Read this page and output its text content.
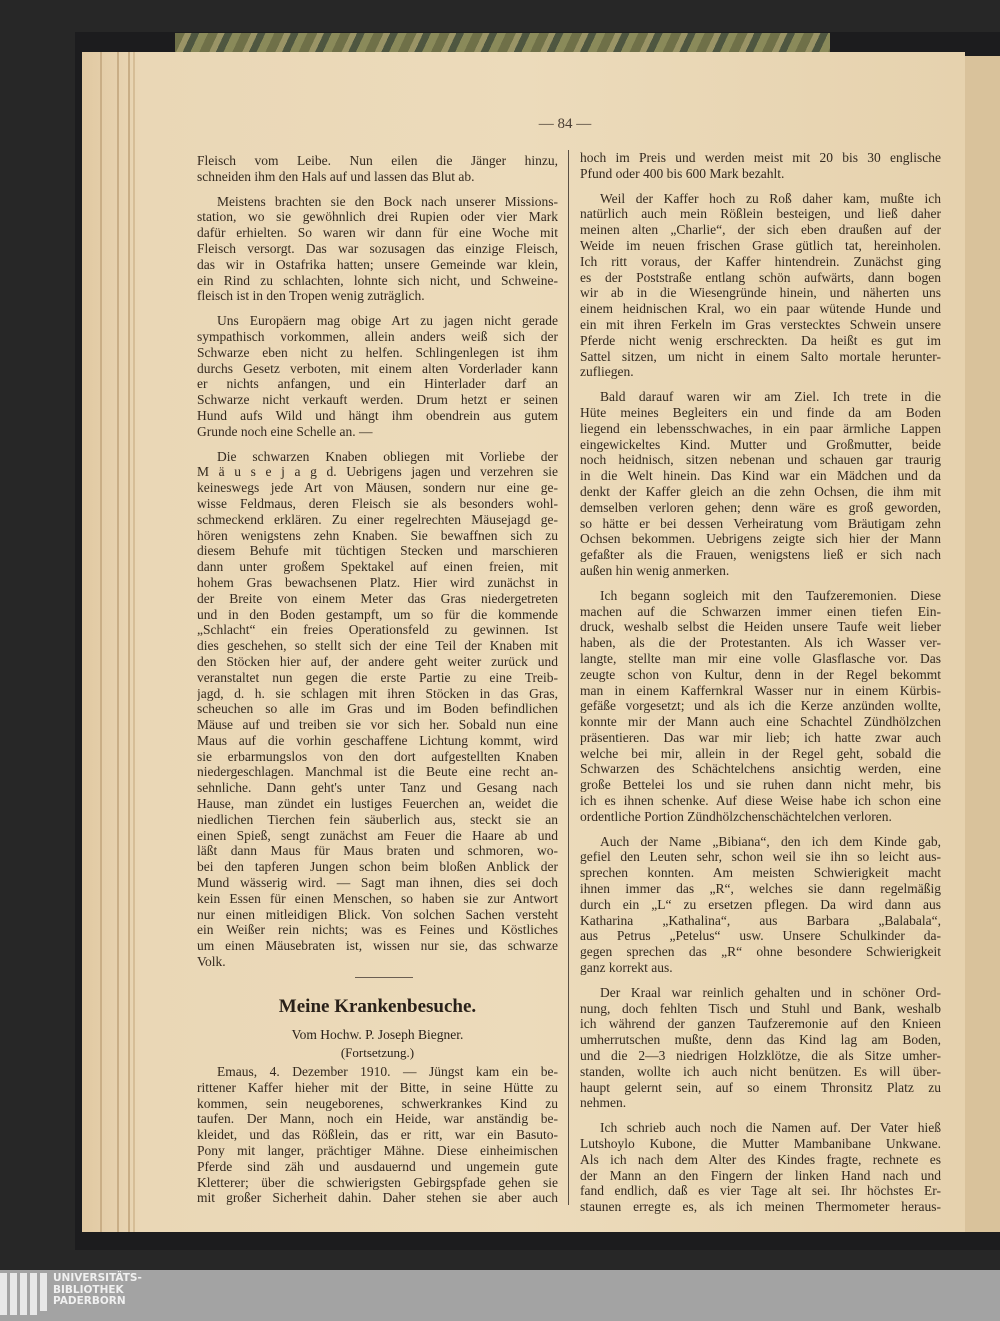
— 84 —
Fleisch vom Leibe. Nun eilen die Jänger hinzu,
schneiden ihm den Hals auf und lassen das Blut ab.
Meistens brachten sie den Bock nach unserer Missions-
station, wo sie gewöhnlich drei Rupien oder vier Mark
dafür erhielten. So waren wir dann für eine Woche mit
Fleisch versorgt. Das war sozusagen das einzige Fleisch,
das wir in Ostafrika hatten; unsere Gemeinde war klein,
ein Rind zu schlachten, lohnte sich nicht, und Schweine-
fleisch ist in den Tropen wenig zuträglich.
Uns Europäern mag obige Art zu jagen nicht gerade
sympathisch vorkommen, allein anders weiß sich der
Schwarze eben nicht zu helfen. Schlingenlegen ist ihm
durchs Gesetz verboten, mit einem alten Vorderlader kann
er nichts anfangen, und ein Hinterlader darf an
Schwarze nicht verkauft werden. Drum hetzt er seinen
Hund aufs Wild und hängt ihm obendrein aus gutem
Grunde noch eine Schelle an. —
Die schwarzen Knaben obliegen mit Vorliebe der
M ä u s e j a g d. Uebrigens jagen und verzehren sie
keineswegs jede Art von Mäusen, sondern nur eine ge-
wisse Feldmaus, deren Fleisch sie als besonders wohl-
schmeckend erklären. Zu einer regelrechten Mäusejagd ge-
hören wenigstens zehn Knaben. Sie bewaffnen sich zu
diesem Behufe mit tüchtigen Stecken und marschieren
dann unter großem Spektakel auf einen freien, mit
hohem Gras bewachsenen Platz. Hier wird zunächst in
der Breite von einem Meter das Gras niedergetreten
und in den Boden gestampft, um so für die kommende
„Schlacht“ ein freies Operationsfeld zu gewinnen. Ist
dies geschehen, so stellt sich der eine Teil der Knaben mit
den Stöcken hier auf, der andere geht weiter zurück und
veranstaltet nun gegen die erste Partie zu eine Treib-
jagd, d. h. sie schlagen mit ihren Stöcken in das Gras,
scheuchen so alle im Gras und im Boden befindlichen
Mäuse auf und treiben sie vor sich her. Sobald nun eine
Maus auf die vorhin geschaffene Lichtung kommt, wird
sie erbarmungslos von den dort aufgestellten Knaben
niedergeschlagen. Manchmal ist die Beute eine recht an-
sehnliche. Dann geht's unter Tanz und Gesang nach
Hause, man zündet ein lustiges Feuerchen an, weidet die
niedlichen Tierchen fein säuberlich aus, steckt sie an
einen Spieß, sengt zunächst am Feuer die Haare ab und
läßt dann Maus für Maus braten und schmoren, wo-
bei den tapferen Jungen schon beim bloßen Anblick der
Mund wässerig wird. — Sagt man ihnen, dies sei doch
kein Essen für einen Menschen, so haben sie zur Antwort
nur einen mitleidigen Blick. Von solchen Sachen versteht
ein Weißer rein nichts; was es Feines und Köstliches
um einen Mäusebraten ist, wissen nur sie, das schwarze
Volk.
Meine Krankenbesuche.
Vom Hochw. P. Joseph Biegner.
(Fortsetzung.)
Emaus, 4. Dezember 1910. — Jüngst kam ein be-
rittener Kaffer hieher mit der Bitte, in seine Hütte zu
kommen, sein neugeborenes, schwerkrankes Kind zu
taufen. Der Mann, noch ein Heide, war anständig be-
kleidet, und das Rößlein, das er ritt, war ein Basuto-
Pony mit langer, prächtiger Mähne. Diese einheimischen
Pferde sind zäh und ausdauernd und ungemein gute
Kletterer; über die schwierigsten Gebirgspfade gehen sie
mit großer Sicherheit dahin. Daher stehen sie aber auch
hoch im Preis und werden meist mit 20 bis 30 englische
Pfund oder 400 bis 600 Mark bezahlt.
Weil der Kaffer hoch zu Roß daher kam, mußte ich
natürlich auch mein Rößlein besteigen, und ließ daher
meinen alten „Charlie“, der sich eben draußen auf der
Weide im neuen frischen Grase gütlich tat, hereinholen.
Ich ritt voraus, der Kaffer hintendrein. Zunächst ging
es der Poststraße entlang schön aufwärts, dann bogen
wir ab in die Wiesengründe hinein, und näherten uns
einem heidnischen Kral, wo ein paar wütende Hunde und
ein mit ihren Ferkeln im Gras verstecktes Schwein unsere
Pferde nicht wenig erschreckten. Da heißt es gut im
Sattel sitzen, um nicht in einem Salto mortale herunter-
zufliegen.
Bald darauf waren wir am Ziel. Ich trete in die
Hüte meines Begleiters ein und finde da am Boden
liegend ein lebensschwaches, in ein paar ärmliche Lappen
eingewickeltes Kind. Mutter und Großmutter, beide
noch heidnisch, sitzen nebenan und schauen gar traurig
in die Welt hinein. Das Kind war ein Mädchen und da
denkt der Kaffer gleich an die zehn Ochsen, die ihm mit
demselben verloren gehen; denn wäre es groß geworden,
so hätte er bei dessen Verheiratung vom Bräutigam zehn
Ochsen bekommen. Uebrigens zeigte sich hier der Mann
gefaßter als die Frauen, wenigstens ließ er sich nach
außen hin wenig anmerken.
Ich begann sogleich mit den Taufzeremonien. Diese
machen auf die Schwarzen immer einen tiefen Ein-
druck, weshalb selbst die Heiden unsere Taufe weit lieber
haben, als die der Protestanten. Als ich Wasser ver-
langte, stellte man mir eine volle Glasflasche vor. Das
zeugte schon von Kultur, denn in der Regel bekommt
man in einem Kaffernkral Wasser nur in einem Kürbis-
gefäße vorgesetzt; und als ich die Kerze anzünden wollte,
konnte mir der Mann auch eine Schachtel Zündhölzchen
präsentieren. Das war mir lieb; ich hatte zwar auch
welche bei mir, allein in der Regel geht, sobald die
Schwarzen des Schächtelchens ansichtig werden, eine
große Bettelei los und sie ruhen dann nicht mehr, bis
ich es ihnen schenke. Auf diese Weise habe ich schon eine
ordentliche Portion Zündhölzchenschächtelchen verloren.
Auch der Name „Bibiana“, den ich dem Kinde gab,
gefiel den Leuten sehr, schon weil sie ihn so leicht aus-
sprechen konnten. Am meisten Schwierigkeit macht
ihnen immer das „R“, welches sie dann regelmäßig
durch ein „L“ zu ersetzen pflegen. Da wird dann aus
Katharina „Kathalina“, aus Barbara „Balabala“,
aus Petrus „Petelus“ usw. Unsere Schulkinder da-
gegen sprechen das „R“ ohne besondere Schwierigkeit
ganz korrekt aus.
Der Kraal war reinlich gehalten und in schöner Ord-
nung, doch fehlten Tisch und Stuhl und Bank, weshalb
ich während der ganzen Taufzeremonie auf den Knieen
umherrutschen mußte, denn das Kind lag am Boden,
und die 2—3 niedrigen Holzklötze, die als Sitze umher-
standen, wollte ich auch nicht benützen. Es will über-
haupt gelernt sein, auf so einem Thronsitz Platz zu
nehmen.
Ich schrieb auch noch die Namen auf. Der Vater hieß
Lutshoylo Kubone, die Mutter Mambanibane Unkwane.
Als ich nach dem Alter des Kindes fragte, rechnete es
der Mann an den Fingern der linken Hand nach und
fand endlich, daß es vier Tage alt sei. Ihr höchstes Er-
staunen erregte es, als ich meinen Thermometer heraus-
UNIVERSITÄTS-
BIBLIOTHEK
PADERBORN
